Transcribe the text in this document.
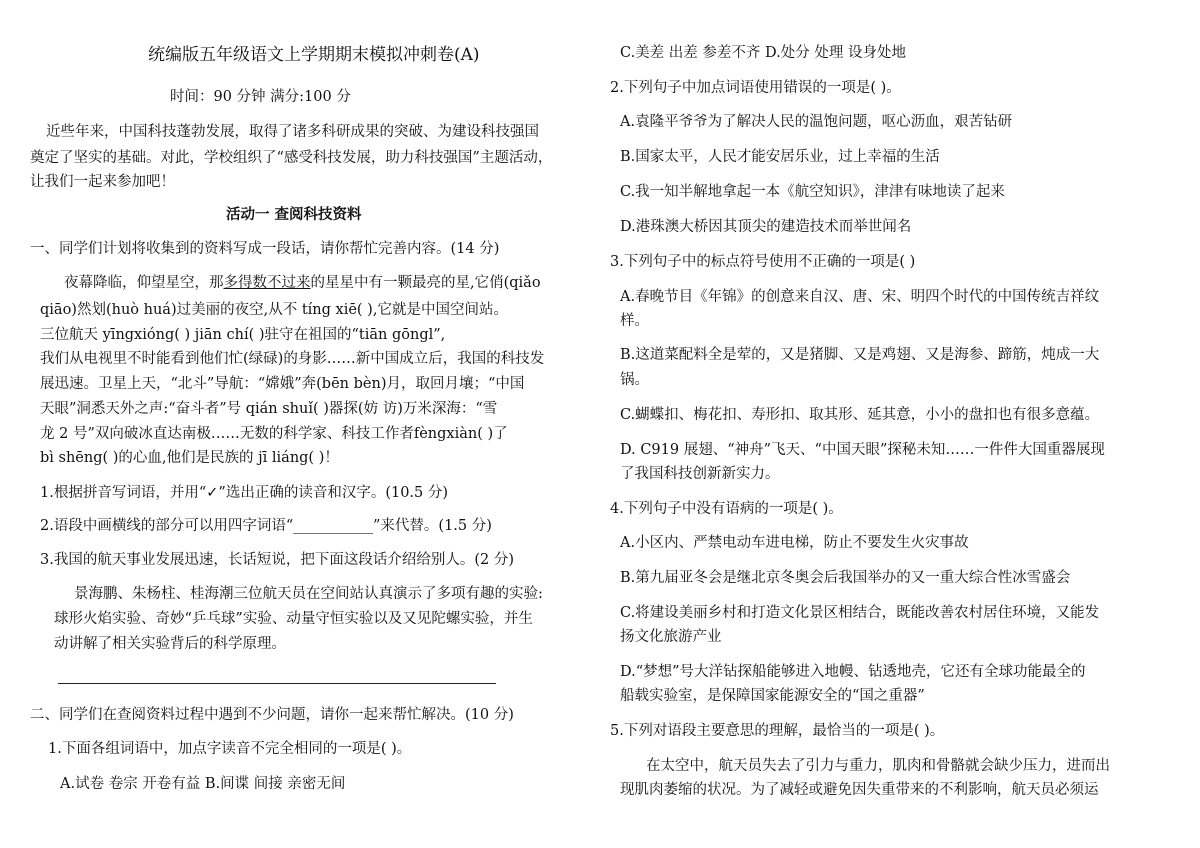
统编版五年级语文上学期期末模拟冲刺卷(A)
时间：90 分钟 满分:100 分
近些年来，中国科技蓬勃发展，取得了诸多科研成果的突破、为建设科技强国
奠定了坚实的基础。对此，学校组织了“感受科技发展，助力科技强国”主题活动，
让我们一起来参加吧！
活动一 查阅科技资料
一、同学们计划将收集到的资料写成一段话，请你帮忙完善内容。(14 分)
夜幕降临，仰望星空，那多得数不过来的星星中有一颗最亮的星,它俏(qiǎo
qiāo)然划(huò huá)过美丽的夜空,从不 tíng xiē( ),它就是中国空间站。
三位航天 yīngxióng( ) jiān chí( )驻守在祖国的“tiān gōngl”,
我们从电视里不时能看到他们忙(绿碌)的身影……新中国成立后，我国的科技发
展迅速。卫星上天，“北斗”导航：“嫦娥”奔(bēn bèn)月，取回月壤；“中国
天眼”洞悉天外之声:“奋斗者”号 qián shuǐ( )器探(妨 访)万米深海：“雪
龙 2 号”双向破冰直达南极……无数的科学家、科技工作者fèngxiàn( )了
bì shēng( )的心血,他们是民族的 jī liáng( )！
1.根据拼音写词语，并用“✓”选出正确的读音和汉字。(10.5 分)
2.语段中画横线的部分可以用四字词语“___________”来代替。(1.5 分)
3.我国的航天事业发展迅速，长话短说，把下面这段话介绍给别人。(2 分)
景海鹏、朱杨柱、桂海潮三位航天员在空间站认真演示了多项有趣的实验:
球形火焰实验、奇妙“乒乓球”实验、动量守恒实验以及又见陀螺实验，并生
动讲解了相关实验背后的科学原理。
二、同学们在查阅资料过程中遇到不少问题，请你一起来帮忙解决。(10 分)
1.下面各组词语中，加点字读音不完全相同的一项是( )。
A.试卷 卷宗 开卷有益 B.间谍 间接 亲密无间
C.美差 出差 参差不齐 D.处分 处理 设身处地
2.下列句子中加点词语使用错误的一项是( )。
A.袁隆平爷爷为了解决人民的温饱问题，呕心沥血，艰苦钻研
B.国家太平，人民才能安居乐业，过上幸福的生活
C.我一知半解地拿起一本《航空知识》，津津有味地读了起来
D.港珠澳大桥因其顶尖的建造技术而举世闻名
3.下列句子中的标点符号使用不正确的一项是( )
A.春晚节目《年锦》的创意来自汉、唐、宋、明四个时代的中国传统吉祥纹
样。
B.这道菜配料全是荤的，又是猪脚、又是鸡翅、又是海参、蹄筋，炖成一大
锅。
C.蝴蝶扣、梅花扣、寿形扣、取其形、延其意，小小的盘扣也有很多意蕴。
D. C919 展翅、“神舟”飞天、“中国天眼”探秘未知……一件件大国重器展现
了我国科技创新新实力。
4.下列句子中没有语病的一项是( )。
A.小区内、严禁电动车进电梯，防止不要发生火灾事故
B.第九届亚冬会是继北京冬奥会后我国举办的又一重大综合性冰雪盛会
C.将建设美丽乡村和打造文化景区相结合，既能改善农村居住环境，又能发
扬文化旅游产业
D.“梦想”号大洋钻探船能够进入地幔、钻透地壳，它还有全球功能最全的
船载实验室，是保障国家能源安全的“国之重器”
5.下列对语段主要意思的理解，最恰当的一项是( )。
在太空中，航天员失去了引力与重力，肌肉和骨骼就会缺少压力，进而出
现肌肉萎缩的状况。为了减轻或避免因失重带来的不利影响，航天员必须运
